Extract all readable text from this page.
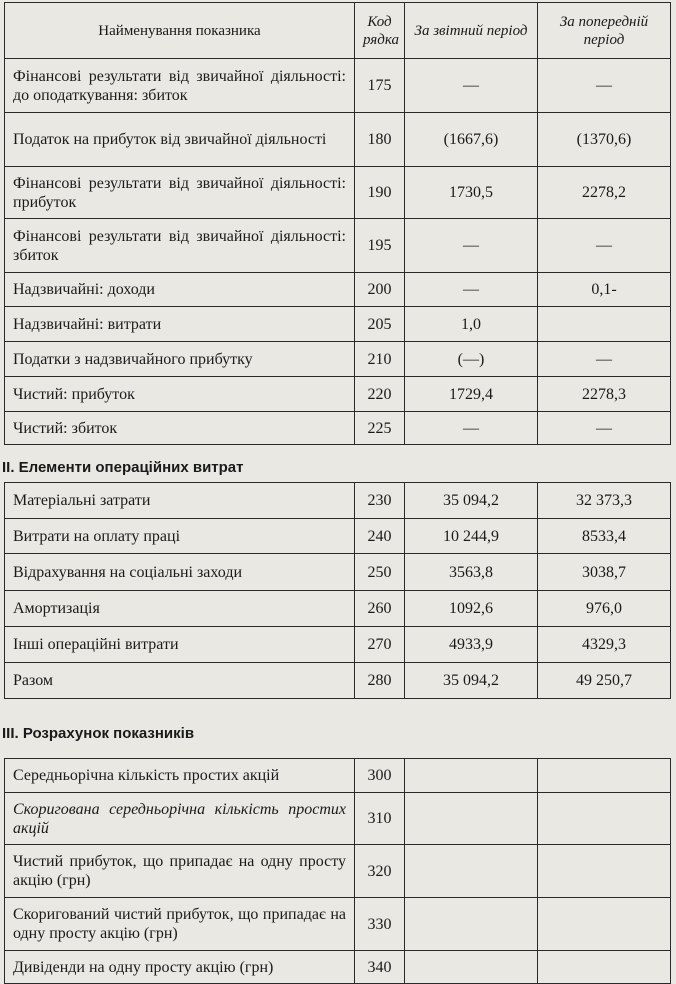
Найменування показника	Код рядка	За звітний період	За попередній період
Фінансові результати від звичайної діяльності: до оподаткування: збиток	175	—	—
Податок на прибуток від звичайної діяльності	180	(1667,6)	(1370,6)
Фінансові результати від звичайної діяльності: прибуток	190	1730,5	2278,2
Фінансові результати від звичайної діяльності: збиток	195	—	—
Надзвичайні: доходи	200	—	0,1-
Надзвичайні: витрати	205	1,0	
Податки з надзвичайного прибутку	210	(—)	—
Чистий: прибуток	220	1729,4	2278,3
Чистий: збиток	225	—	—
II. Елементи операційних витрат
Матеріальні затрати	230	35 094,2	32 373,3
Витрати на оплату праці	240	10 244,9	8533,4
Відрахування на соціальні заходи	250	3563,8	3038,7
Амортизація	260	1092,6	976,0
Інші операційні витрати	270	4933,9	4329,3
Разом	280	35 094,2	49 250,7
III. Розрахунок показників
Середньорічна кількість простих акцій	300		
Скоригована середньорічна кількість простих акцій	310		
Чистий прибуток, що припадає на одну просту акцію (грн)	320		
Скоригований чистий прибуток, що припадає на одну просту акцію (грн)	330		
Дивіденди на одну просту акцію (грн)	340		
